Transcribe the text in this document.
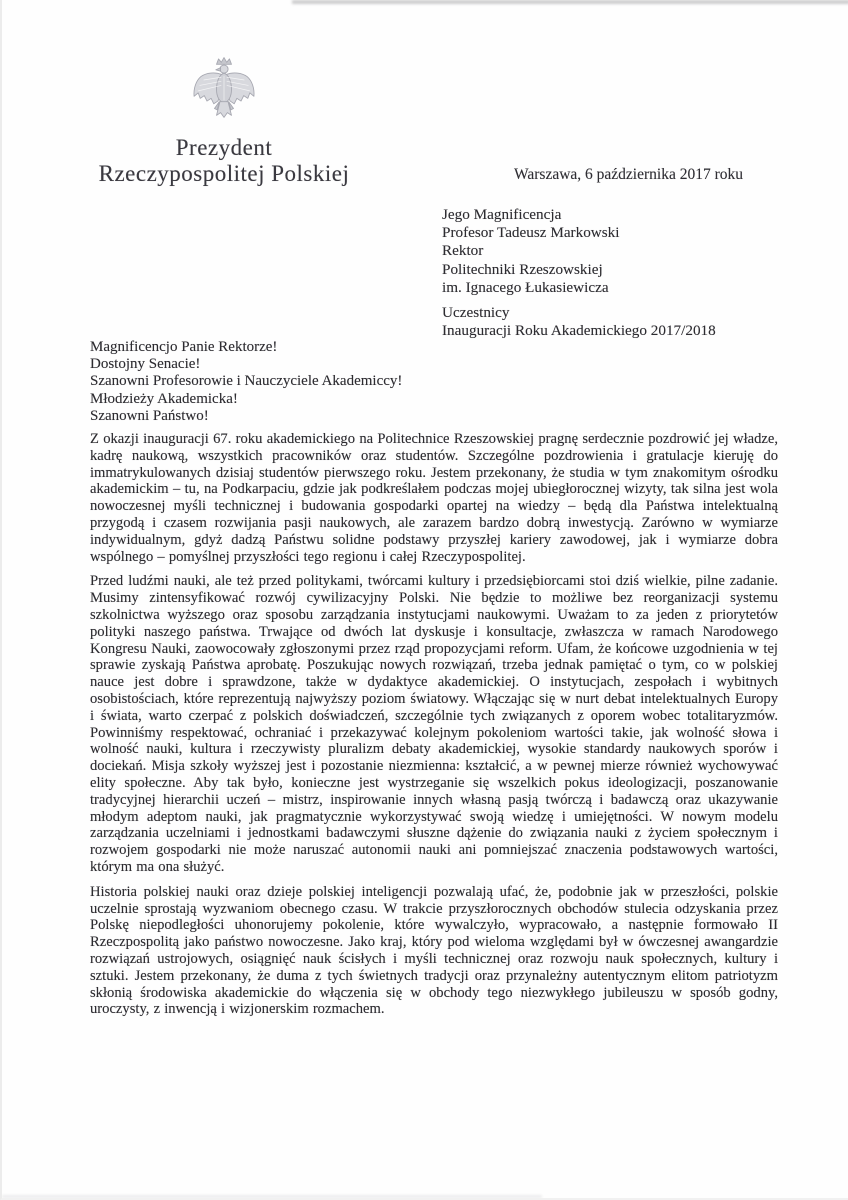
Prezydent
Rzeczypospolitej Polskiej	Warszawa, 6 października 2017 roku
Jego Magnificencja
Profesor Tadeusz Markowski
Rektor
Politechniki Rzeszowskiej
im. Ignacego Łukasiewicza
Uczestnicy
Inauguracji Roku Akademickiego 2017/2018
Magnificencjo Panie Rektorze!
Dostojny Senacie!
Szanowni Profesorowie i Nauczyciele Akademiccy!
Młodzieży Akademicka!
Szanowni Państwo!

Z okazji inauguracji 67. roku akademickiego na Politechnice Rzeszowskiej pragnę serdecznie pozdrowić jej władze, kadrę naukową, wszystkich pracowników oraz studentów. Szczególne pozdrowienia i gratulacje kieruję do immatrykulowanych dzisiaj studentów pierwszego roku. Jestem przekonany, że studia w tym znakomitym ośrodku akademickim – tu, na Podkarpaciu, gdzie jak podkreślałem podczas mojej ubiegłorocznej wizyty, tak silna jest wola nowoczesnej myśli technicznej i budowania gospodarki opartej na wiedzy – będą dla Państwa intelektualną przygodą i czasem rozwijania pasji naukowych, ale zarazem bardzo dobrą inwestycją. Zarówno w wymiarze indywidualnym, gdyż dadzą Państwu solidne podstawy przyszłej kariery zawodowej, jak i wymiarze dobra wspólnego – pomyślnej przyszłości tego regionu i całej Rzeczypospolitej.

Przed ludźmi nauki, ale też przed politykami, twórcami kultury i przedsiębiorcami stoi dziś wielkie, pilne zadanie. Musimy zintensyfikować rozwój cywilizacyjny Polski. Nie będzie to możliwe bez reorganizacji systemu szkolnictwa wyższego oraz sposobu zarządzania instytucjami naukowymi. Uważam to za jeden z priorytetów polityki naszego państwa. Trwające od dwóch lat dyskusje i konsultacje, zwłaszcza w ramach Narodowego Kongresu Nauki, zaowocowały zgłoszonymi przez rząd propozycjami reform. Ufam, że końcowe uzgodnienia w tej sprawie zyskają Państwa aprobatę. Poszukując nowych rozwiązań, trzeba jednak pamiętać o tym, co w polskiej nauce jest dobre i sprawdzone, także w dydaktyce akademickiej. O instytucjach, zespołach i wybitnych osobistościach, które reprezentują najwyższy poziom światowy. Włączając się w nurt debat intelektualnych Europy i świata, warto czerpać z polskich doświadczeń, szczególnie tych związanych z oporem wobec totalitaryzmów. Powinniśmy respektować, ochraniać i przekazywać kolejnym pokoleniom wartości takie, jak wolność słowa i wolność nauki, kultura i rzeczywisty pluralizm debaty akademickiej, wysokie standardy naukowych sporów i dociekań. Misja szkoły wyższej jest i pozostanie niezmienna: kształcić, a w pewnej mierze również wychowywać elity społeczne. Aby tak było, konieczne jest wystrzeganie się wszelkich pokus ideologizacji, poszanowanie tradycyjnej hierarchii uczeń – mistrz, inspirowanie innych własną pasją twórczą i badawczą oraz ukazywanie młodym adeptom nauki, jak pragmatycznie wykorzystywać swoją wiedzę i umiejętności. W nowym modelu zarządzania uczelniami i jednostkami badawczymi słuszne dążenie do związania nauki z życiem społecznym i rozwojem gospodarki nie może naruszać autonomii nauki ani pomniejszać znaczenia podstawowych wartości, którym ma ona służyć.

Historia polskiej nauki oraz dzieje polskiej inteligencji pozwalają ufać, że, podobnie jak w przeszłości, polskie uczelnie sprostają wyzwaniom obecnego czasu. W trakcie przyszłorocznych obchodów stulecia odzyskania przez Polskę niepodległości uhonorujemy pokolenie, które wywalczyło, wypracowało, a następnie formowało II Rzeczpospolitą jako państwo nowoczesne. Jako kraj, który pod wieloma względami był w ówczesnej awangardzie rozwiązań ustrojowych, osiągnięć nauk ścisłych i myśli technicznej oraz rozwoju nauk społecznych, kultury i sztuki. Jestem przekonany, że duma z tych świetnych tradycji oraz przynależny autentycznym elitom patriotyzm skłonią środowiska akademickie do włączenia się w obchody tego niezwykłego jubileuszu w sposób godny, uroczysty, z inwencją i wizjonerskim rozmachem.
